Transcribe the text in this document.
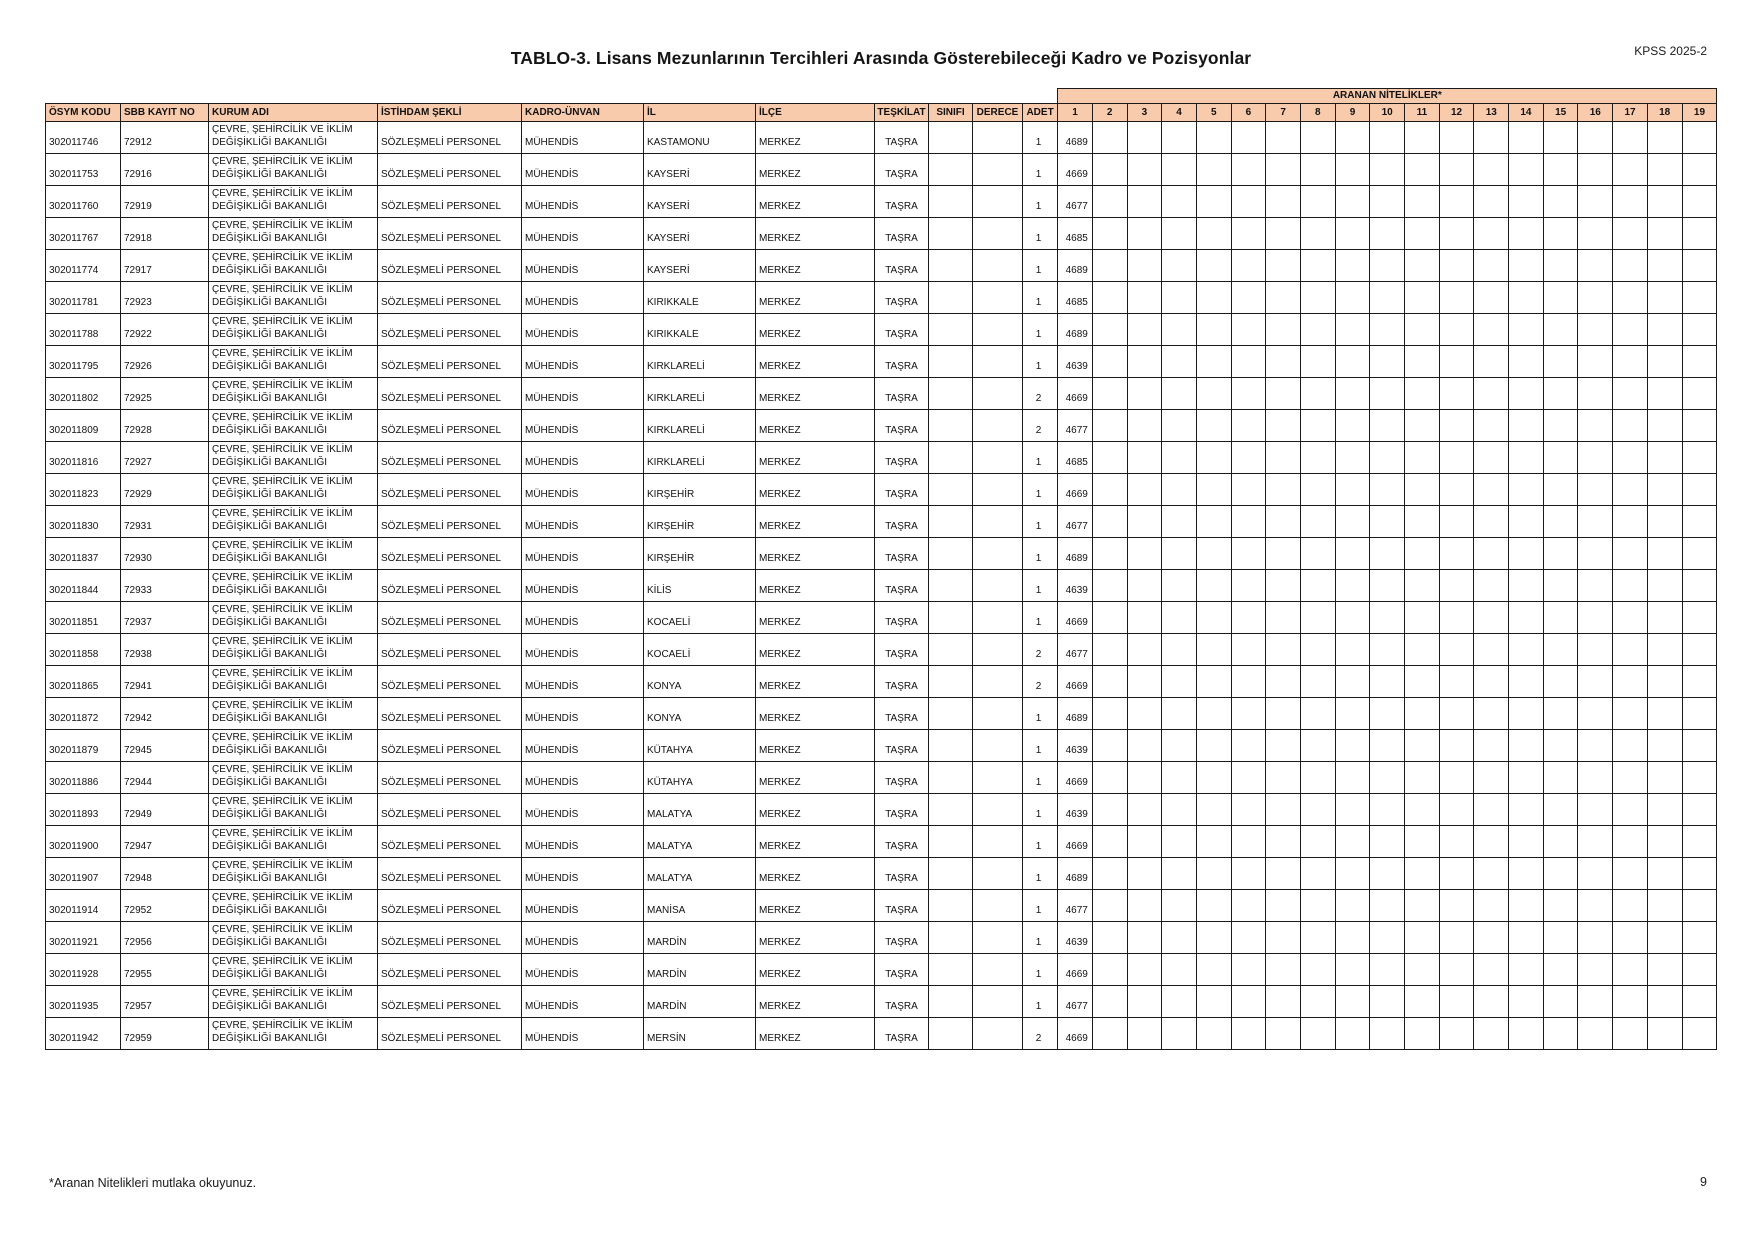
TABLO-3. Lisans Mezunlarının Tercihleri Arasında Gösterebileceği Kadro ve Pozisyonlar	KPSS 2025-2
											ARANAN NİTELİKLER*																		
ÖSYM KODU	SBB KAYIT NO	KURUM ADI	İSTİHDAM ŞEKLİ	KADRO-ÜNVAN	İL	İLÇE	TEŞKİLAT	SINIFI	DERECE	ADET	1	2	3	4	5	6	7	8	9	10	11	12	13	14	15	16	17	18	19
302011746	72912	ÇEVRE, ŞEHİRCİLİK VE İKLİM DEĞİŞİKLİĞİ BAKANLIĞI	SÖZLEŞMELİ PERSONEL	MÜHENDİS	KASTAMONU	MERKEZ	TAŞRA			1	4689																		
302011753	72916	ÇEVRE, ŞEHİRCİLİK VE İKLİM DEĞİŞİKLİĞİ BAKANLIĞI	SÖZLEŞMELİ PERSONEL	MÜHENDİS	KAYSERİ	MERKEZ	TAŞRA			1	4669																		
302011760	72919	ÇEVRE, ŞEHİRCİLİK VE İKLİM DEĞİŞİKLİĞİ BAKANLIĞI	SÖZLEŞMELİ PERSONEL	MÜHENDİS	KAYSERİ	MERKEZ	TAŞRA			1	4677																		
302011767	72918	ÇEVRE, ŞEHİRCİLİK VE İKLİM DEĞİŞİKLİĞİ BAKANLIĞI	SÖZLEŞMELİ PERSONEL	MÜHENDİS	KAYSERİ	MERKEZ	TAŞRA			1	4685																		
302011774	72917	ÇEVRE, ŞEHİRCİLİK VE İKLİM DEĞİŞİKLİĞİ BAKANLIĞI	SÖZLEŞMELİ PERSONEL	MÜHENDİS	KAYSERİ	MERKEZ	TAŞRA			1	4689																		
302011781	72923	ÇEVRE, ŞEHİRCİLİK VE İKLİM DEĞİŞİKLİĞİ BAKANLIĞI	SÖZLEŞMELİ PERSONEL	MÜHENDİS	KIRIKKALE	MERKEZ	TAŞRA			1	4685																		
302011788	72922	ÇEVRE, ŞEHİRCİLİK VE İKLİM DEĞİŞİKLİĞİ BAKANLIĞI	SÖZLEŞMELİ PERSONEL	MÜHENDİS	KIRIKKALE	MERKEZ	TAŞRA			1	4689																		
302011795	72926	ÇEVRE, ŞEHİRCİLİK VE İKLİM DEĞİŞİKLİĞİ BAKANLIĞI	SÖZLEŞMELİ PERSONEL	MÜHENDİS	KIRKLARELİ	MERKEZ	TAŞRA			1	4639																		
302011802	72925	ÇEVRE, ŞEHİRCİLİK VE İKLİM DEĞİŞİKLİĞİ BAKANLIĞI	SÖZLEŞMELİ PERSONEL	MÜHENDİS	KIRKLARELİ	MERKEZ	TAŞRA			2	4669																		
302011809	72928	ÇEVRE, ŞEHİRCİLİK VE İKLİM DEĞİŞİKLİĞİ BAKANLIĞI	SÖZLEŞMELİ PERSONEL	MÜHENDİS	KIRKLARELİ	MERKEZ	TAŞRA			2	4677																		
302011816	72927	ÇEVRE, ŞEHİRCİLİK VE İKLİM DEĞİŞİKLİĞİ BAKANLIĞI	SÖZLEŞMELİ PERSONEL	MÜHENDİS	KIRKLARELİ	MERKEZ	TAŞRA			1	4685																		
302011823	72929	ÇEVRE, ŞEHİRCİLİK VE İKLİM DEĞİŞİKLİĞİ BAKANLIĞI	SÖZLEŞMELİ PERSONEL	MÜHENDİS	KIRŞEHİR	MERKEZ	TAŞRA			1	4669																		
302011830	72931	ÇEVRE, ŞEHİRCİLİK VE İKLİM DEĞİŞİKLİĞİ BAKANLIĞI	SÖZLEŞMELİ PERSONEL	MÜHENDİS	KIRŞEHİR	MERKEZ	TAŞRA			1	4677																		
302011837	72930	ÇEVRE, ŞEHİRCİLİK VE İKLİM DEĞİŞİKLİĞİ BAKANLIĞI	SÖZLEŞMELİ PERSONEL	MÜHENDİS	KIRŞEHİR	MERKEZ	TAŞRA			1	4689																		
302011844	72933	ÇEVRE, ŞEHİRCİLİK VE İKLİM DEĞİŞİKLİĞİ BAKANLIĞI	SÖZLEŞMELİ PERSONEL	MÜHENDİS	KİLİS	MERKEZ	TAŞRA			1	4639																		
302011851	72937	ÇEVRE, ŞEHİRCİLİK VE İKLİM DEĞİŞİKLİĞİ BAKANLIĞI	SÖZLEŞMELİ PERSONEL	MÜHENDİS	KOCAELİ	MERKEZ	TAŞRA			1	4669																		
302011858	72938	ÇEVRE, ŞEHİRCİLİK VE İKLİM DEĞİŞİKLİĞİ BAKANLIĞI	SÖZLEŞMELİ PERSONEL	MÜHENDİS	KOCAELİ	MERKEZ	TAŞRA			2	4677																		
302011865	72941	ÇEVRE, ŞEHİRCİLİK VE İKLİM DEĞİŞİKLİĞİ BAKANLIĞI	SÖZLEŞMELİ PERSONEL	MÜHENDİS	KONYA	MERKEZ	TAŞRA			2	4669																		
302011872	72942	ÇEVRE, ŞEHİRCİLİK VE İKLİM DEĞİŞİKLİĞİ BAKANLIĞI	SÖZLEŞMELİ PERSONEL	MÜHENDİS	KONYA	MERKEZ	TAŞRA			1	4689																		
302011879	72945	ÇEVRE, ŞEHİRCİLİK VE İKLİM DEĞİŞİKLİĞİ BAKANLIĞI	SÖZLEŞMELİ PERSONEL	MÜHENDİS	KÜTAHYA	MERKEZ	TAŞRA			1	4639																		
302011886	72944	ÇEVRE, ŞEHİRCİLİK VE İKLİM DEĞİŞİKLİĞİ BAKANLIĞI	SÖZLEŞMELİ PERSONEL	MÜHENDİS	KÜTAHYA	MERKEZ	TAŞRA			1	4669																		
302011893	72949	ÇEVRE, ŞEHİRCİLİK VE İKLİM DEĞİŞİKLİĞİ BAKANLIĞI	SÖZLEŞMELİ PERSONEL	MÜHENDİS	MALATYA	MERKEZ	TAŞRA			1	4639																		
302011900	72947	ÇEVRE, ŞEHİRCİLİK VE İKLİM DEĞİŞİKLİĞİ BAKANLIĞI	SÖZLEŞMELİ PERSONEL	MÜHENDİS	MALATYA	MERKEZ	TAŞRA			1	4669																		
302011907	72948	ÇEVRE, ŞEHİRCİLİK VE İKLİM DEĞİŞİKLİĞİ BAKANLIĞI	SÖZLEŞMELİ PERSONEL	MÜHENDİS	MALATYA	MERKEZ	TAŞRA			1	4689																		
302011914	72952	ÇEVRE, ŞEHİRCİLİK VE İKLİM DEĞİŞİKLİĞİ BAKANLIĞI	SÖZLEŞMELİ PERSONEL	MÜHENDİS	MANİSA	MERKEZ	TAŞRA			1	4677																		
302011921	72956	ÇEVRE, ŞEHİRCİLİK VE İKLİM DEĞİŞİKLİĞİ BAKANLIĞI	SÖZLEŞMELİ PERSONEL	MÜHENDİS	MARDİN	MERKEZ	TAŞRA			1	4639																		
302011928	72955	ÇEVRE, ŞEHİRCİLİK VE İKLİM DEĞİŞİKLİĞİ BAKANLIĞI	SÖZLEŞMELİ PERSONEL	MÜHENDİS	MARDİN	MERKEZ	TAŞRA			1	4669																		
302011935	72957	ÇEVRE, ŞEHİRCİLİK VE İKLİM DEĞİŞİKLİĞİ BAKANLIĞI	SÖZLEŞMELİ PERSONEL	MÜHENDİS	MARDİN	MERKEZ	TAŞRA			1	4677																		
302011942	72959	ÇEVRE, ŞEHİRCİLİK VE İKLİM DEĞİŞİKLİĞİ BAKANLIĞI	SÖZLEŞMELİ PERSONEL	MÜHENDİS	MERSİN	MERKEZ	TAŞRA			2	4669																		
*Aranan Nitelikleri mutlaka okuyunuz.	9
